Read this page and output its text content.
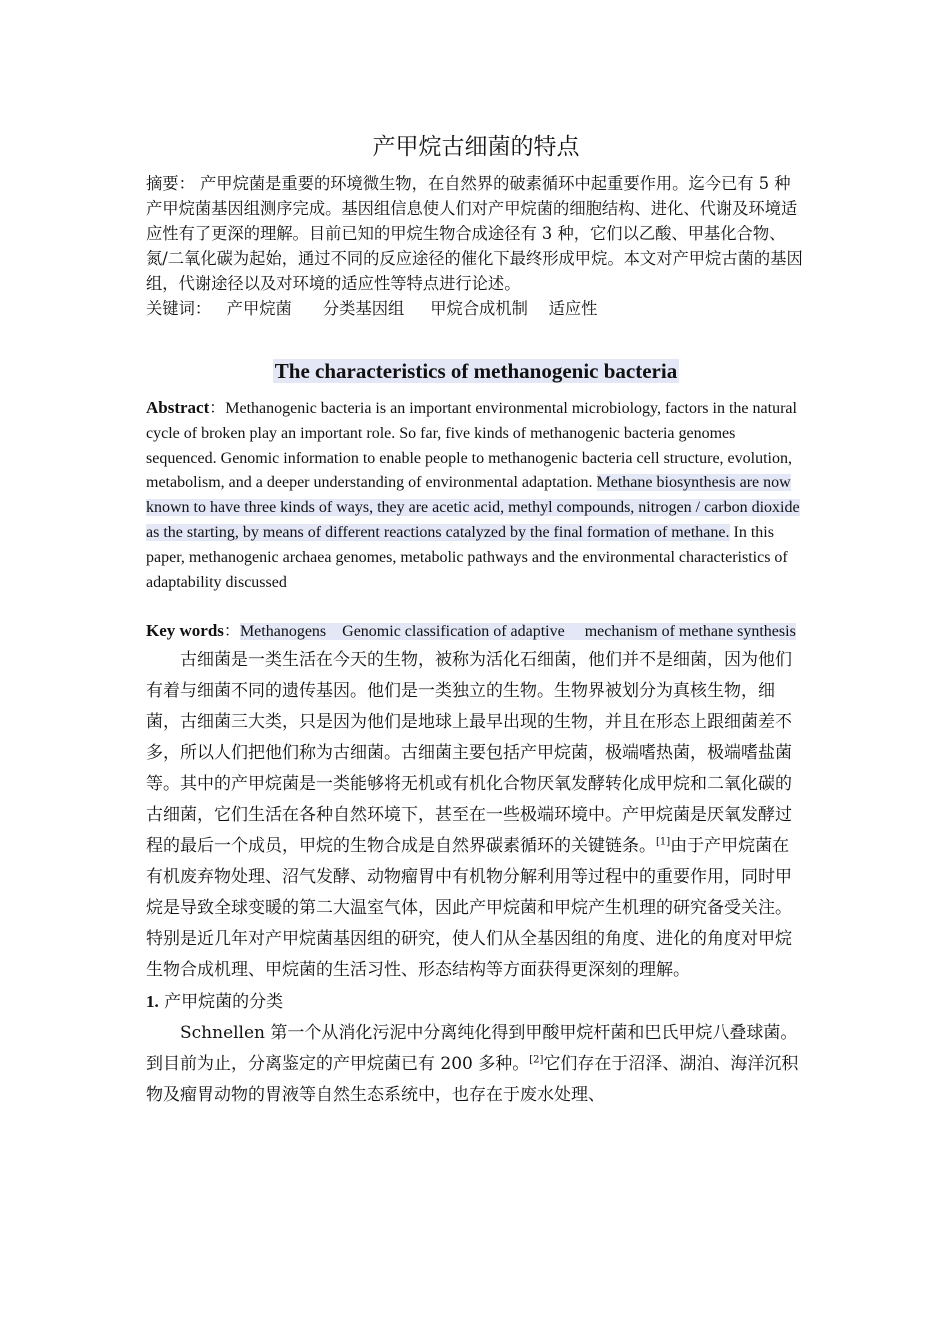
产甲烷古细菌的特点

摘要： 产甲烷菌是重要的环境微生物，在自然界的破素循环中起重要作用。迄今已有 5 种产甲烷菌基因组测序完成。基因组信息使人们对产甲烷菌的细胞结构、进化、代谢及环境适应性有了更深的理解。目前已知的甲烷生物合成途径有 3 种，它们以乙酸、甲基化合物、氮/二氧化碳为起始，通过不同的反应途径的催化下最终形成甲烷。本文对产甲烷古菌的基因组，代谢途径以及对环境的适应性等特点进行论述。

关键词： 产甲烷菌 分类基因组 甲烷合成机制 适应性

The characteristics of methanogenic bacteria

Abstract：Methanogenic bacteria is an important environmental microbiology, factors in the natural cycle of broken play an important role. So far, five kinds of methanogenic bacteria genomes sequenced. Genomic information to enable people to methanogenic bacteria cell structure, evolution, metabolism, and a deeper understanding of environmental adaptation. Methane biosynthesis are now known to have three kinds of ways, they are acetic acid, methyl compounds, nitrogen / carbon dioxide as the starting, by means of different reactions catalyzed by the final formation of methane. In this paper, methanogenic archaea genomes, metabolic pathways and the environmental characteristics of adaptability discussed

Key words：Methanogens    Genomic classification of adaptive     mechanism of methane synthesis

古细菌是一类生活在今天的生物，被称为活化石细菌，他们并不是细菌，因为他们有着与细菌不同的遗传基因。他们是一类独立的生物。生物界被划分为真核生物，细菌，古细菌三大类，只是因为他们是地球上最早出现的生物，并且在形态上跟细菌差不多，所以人们把他们称为古细菌。古细菌主要包括产甲烷菌，极端嗜热菌，极端嗜盐菌等。其中的产甲烷菌是一类能够将无机或有机化合物厌氧发酵转化成甲烷和二氧化碳的古细菌，它们生活在各种自然环境下，甚至在一些极端环境中。产甲烷菌是厌氧发酵过程的最后一个成员，甲烷的生物合成是自然界碳素循环的关键链条。[1]由于产甲烷菌在有机废弃物处理、沼气发酵、动物瘤胃中有机物分解利用等过程中的重要作用，同时甲烷是导致全球变暖的第二大温室气体，因此产甲烷菌和甲烷产生机理的研究备受关注。特别是近几年对产甲烷菌基因组的研究，使人们从全基因组的角度、进化的角度对甲烷生物合成机理、甲烷菌的生活习性、形态结构等方面获得更深刻的理解。

1. 产甲烷菌的分类

Schnellen 第一个从消化污泥中分离纯化得到甲酸甲烷杆菌和巴氏甲烷八叠球菌。到目前为止，分离鉴定的产甲烷菌已有 200 多种。[2]它们存在于沼泽、湖泊、海洋沉积物及瘤胃动物的胃液等自然生态系统中，也存在于废水处理、
